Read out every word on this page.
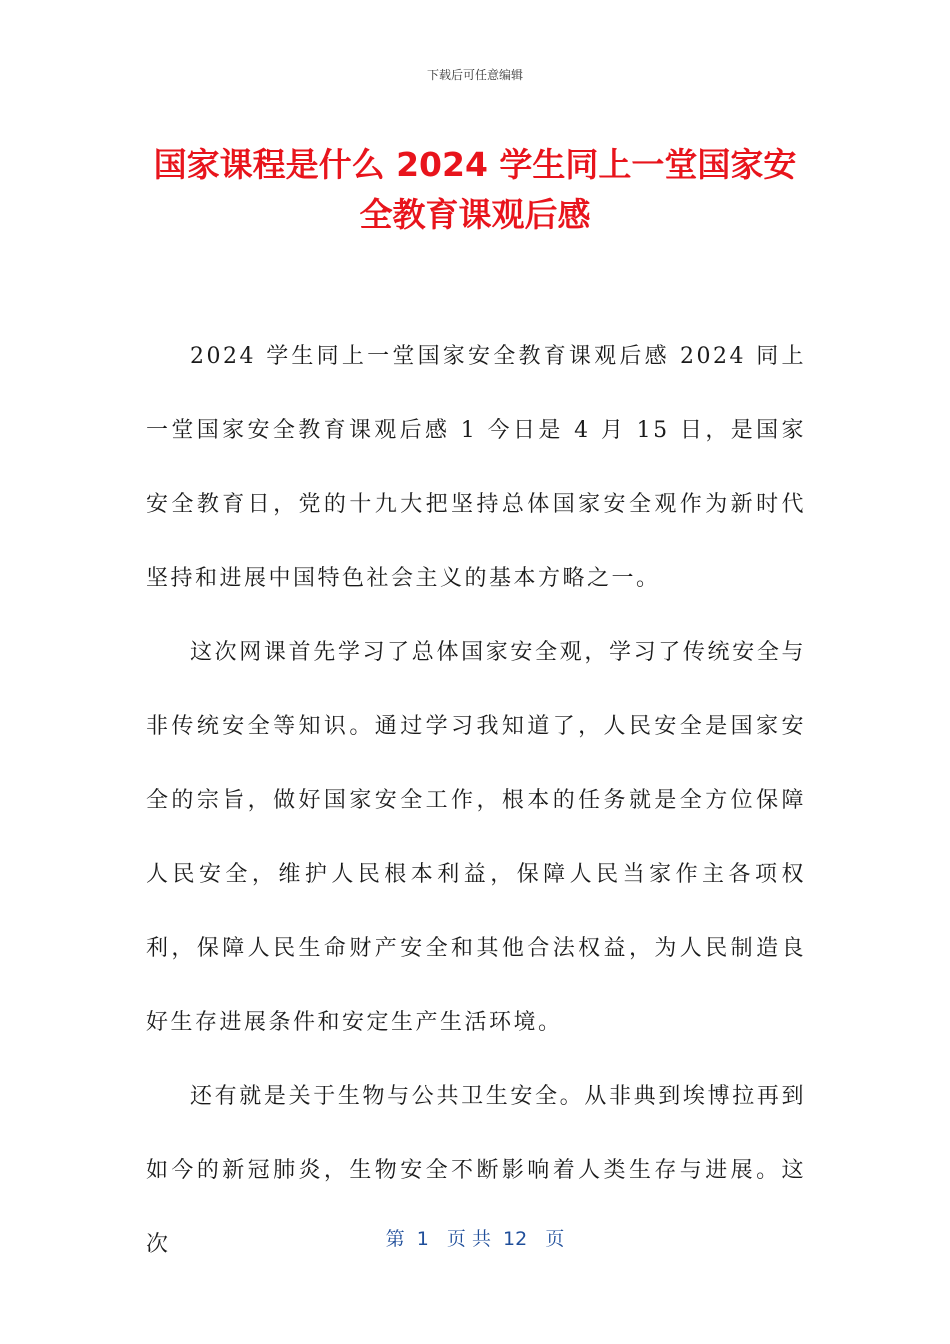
下载后可任意编辑
国家课程是什么 2024 学生同上一堂国家安全教育课观后感

2024 学生同上一堂国家安全教育课观后感 2024 同上一堂国家安全教育课观后感 1 今日是 4 月 15 日，是国家安全教育日，党的十九大把坚持总体国家安全观作为新时代坚持和进展中国特色社会主义的基本方略之一。

这次网课首先学习了总体国家安全观，学习了传统安全与非传统安全等知识。通过学习我知道了，人民安全是国家安全的宗旨，做好国家安全工作，根本的任务就是全方位保障人民安全，维护人民根本利益，保障人民当家作主各项权利，保障人民生命财产安全和其他合法权益，为人民制造良好生存进展条件和安定生产生活环境。

还有就是关于生物与公共卫生安全。从非典到埃博拉再到如今的新冠肺炎，生物安全不断影响着人类生存与进展。这次	第  1   页 共  12   页
